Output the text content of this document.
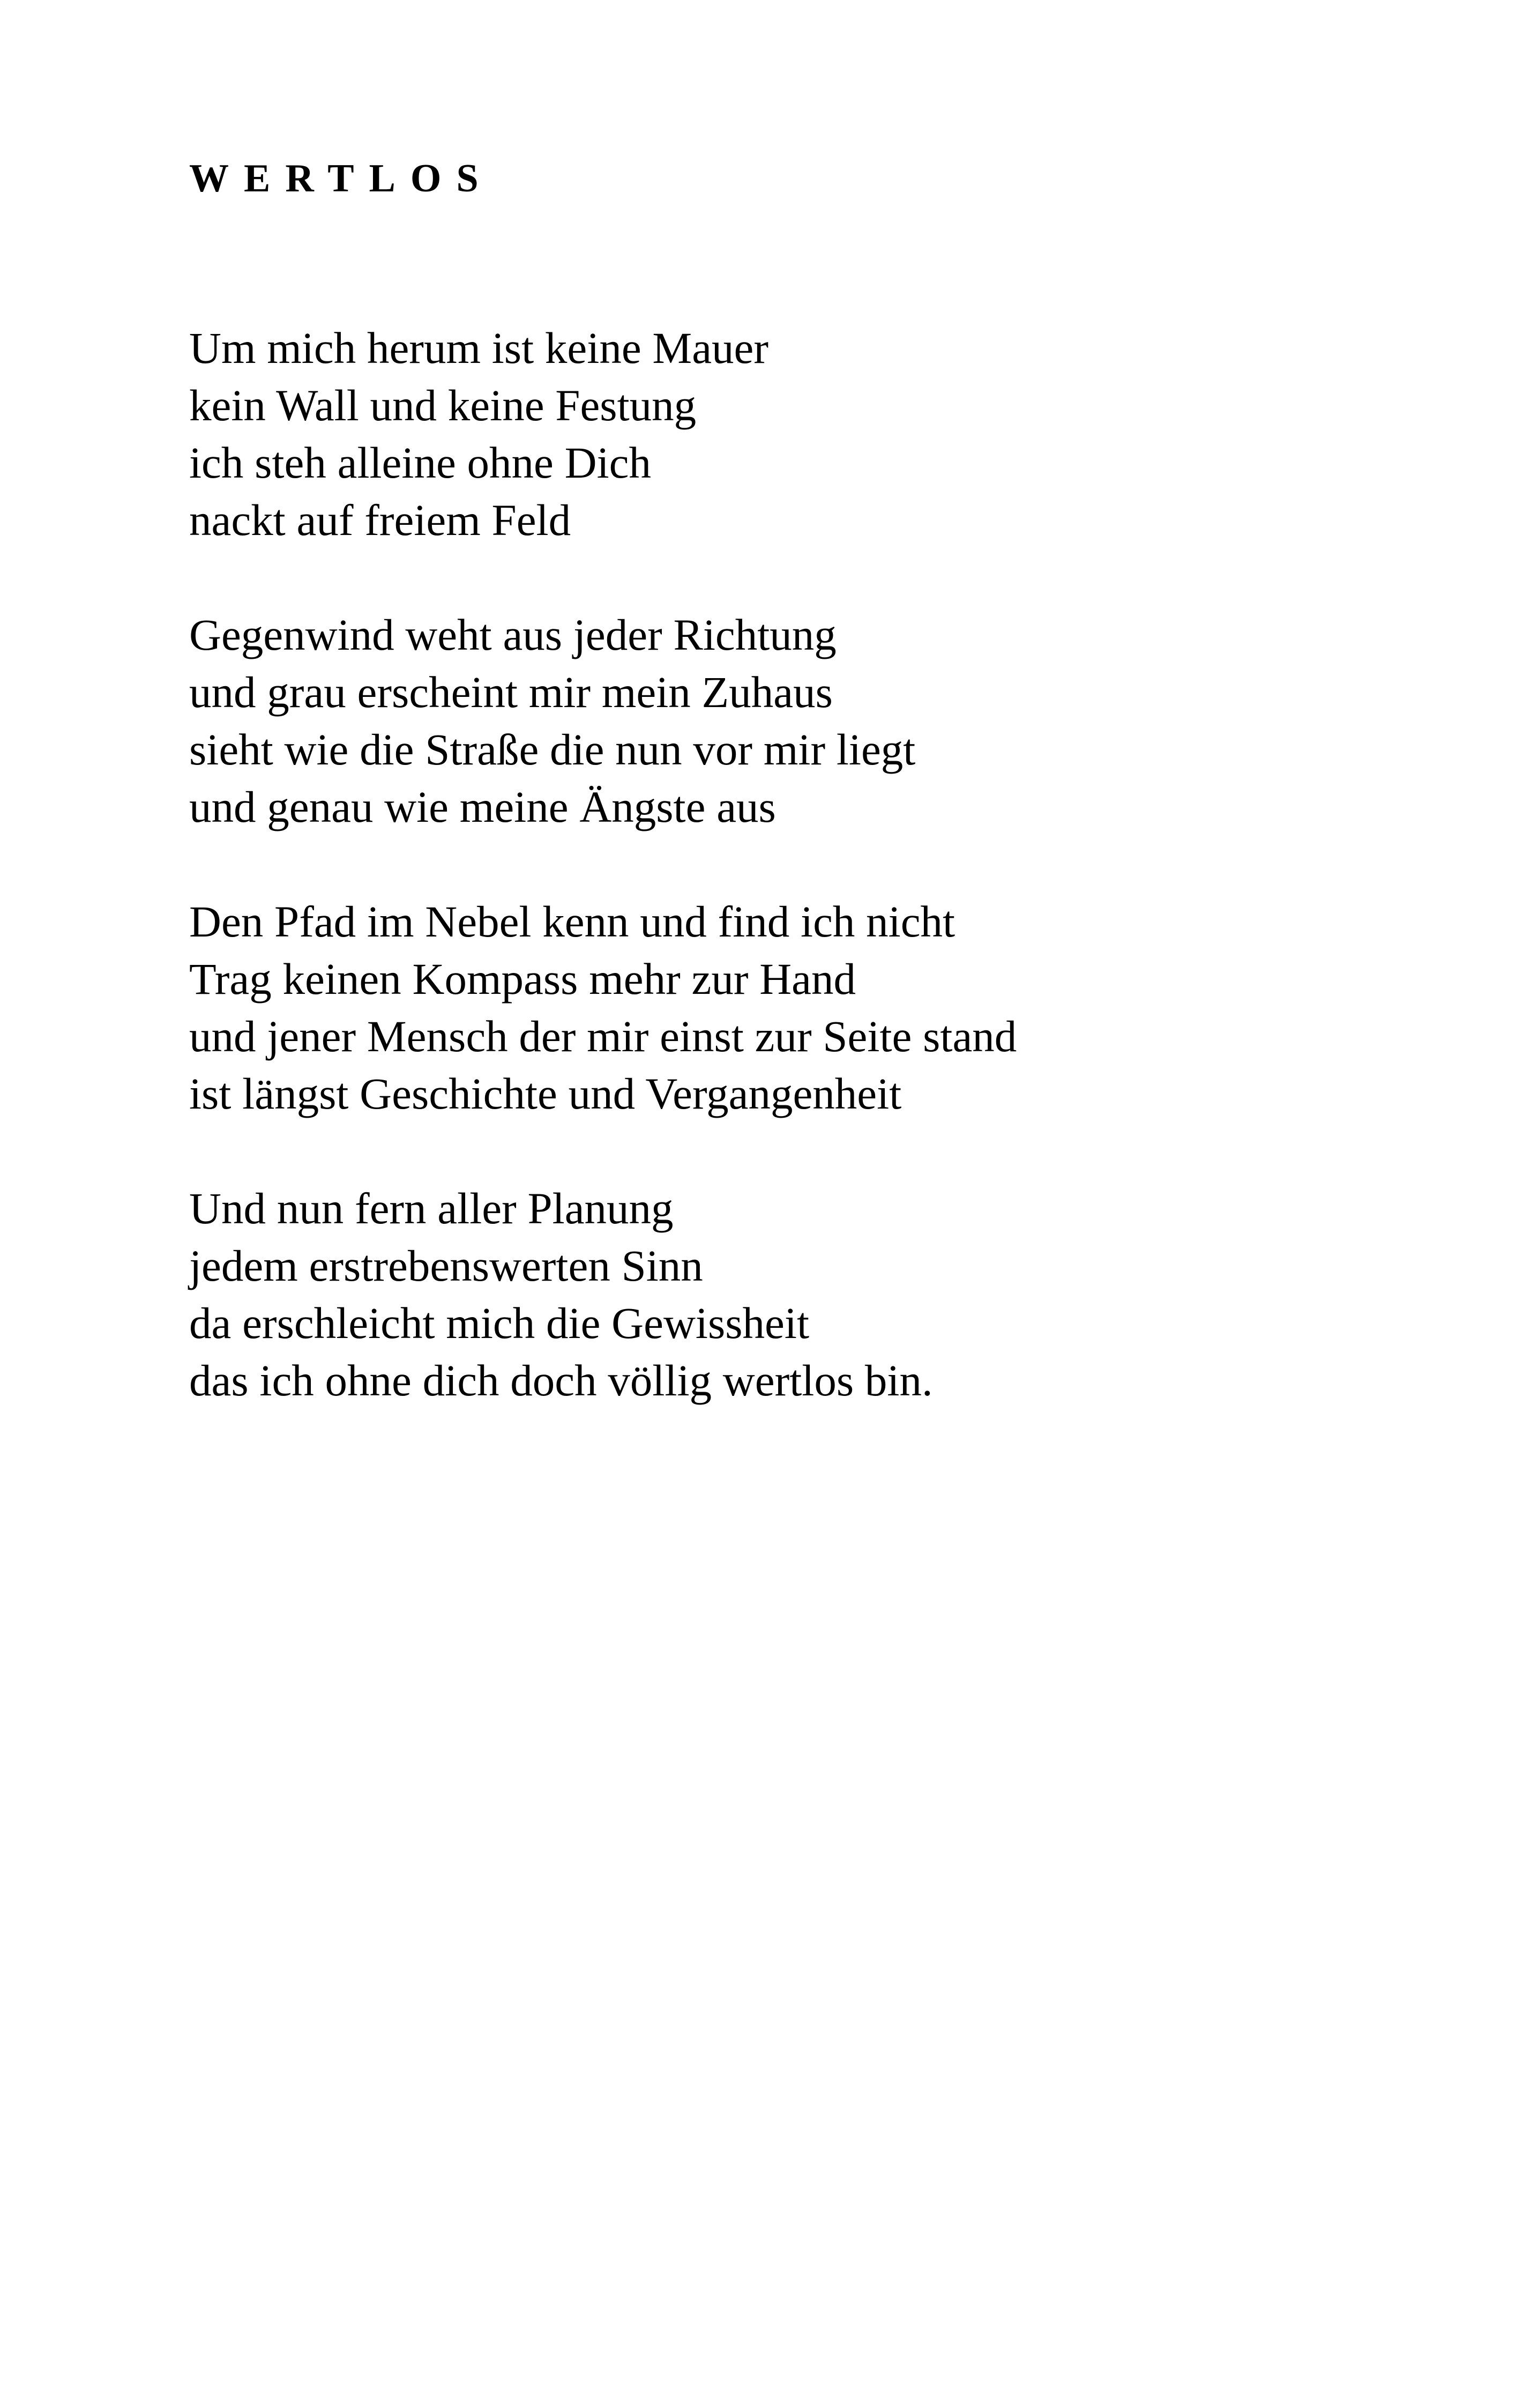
WERTLOS

Um mich herum ist keine Mauer
kein Wall und keine Festung
ich steh alleine ohne Dich
nackt auf freiem Feld

Gegenwind weht aus jeder Richtung
und grau erscheint mir mein Zuhaus
sieht wie die Straße die nun vor mir liegt
und genau wie meine Ängste aus

Den Pfad im Nebel kenn und find ich nicht
Trag keinen Kompass mehr zur Hand
und jener Mensch der mir einst zur Seite stand
ist längst Geschichte und Vergangenheit

Und nun fern aller Planung
jedem erstrebenswerten Sinn
da erschleicht mich die Gewissheit
das ich ohne dich doch völlig wertlos bin.
